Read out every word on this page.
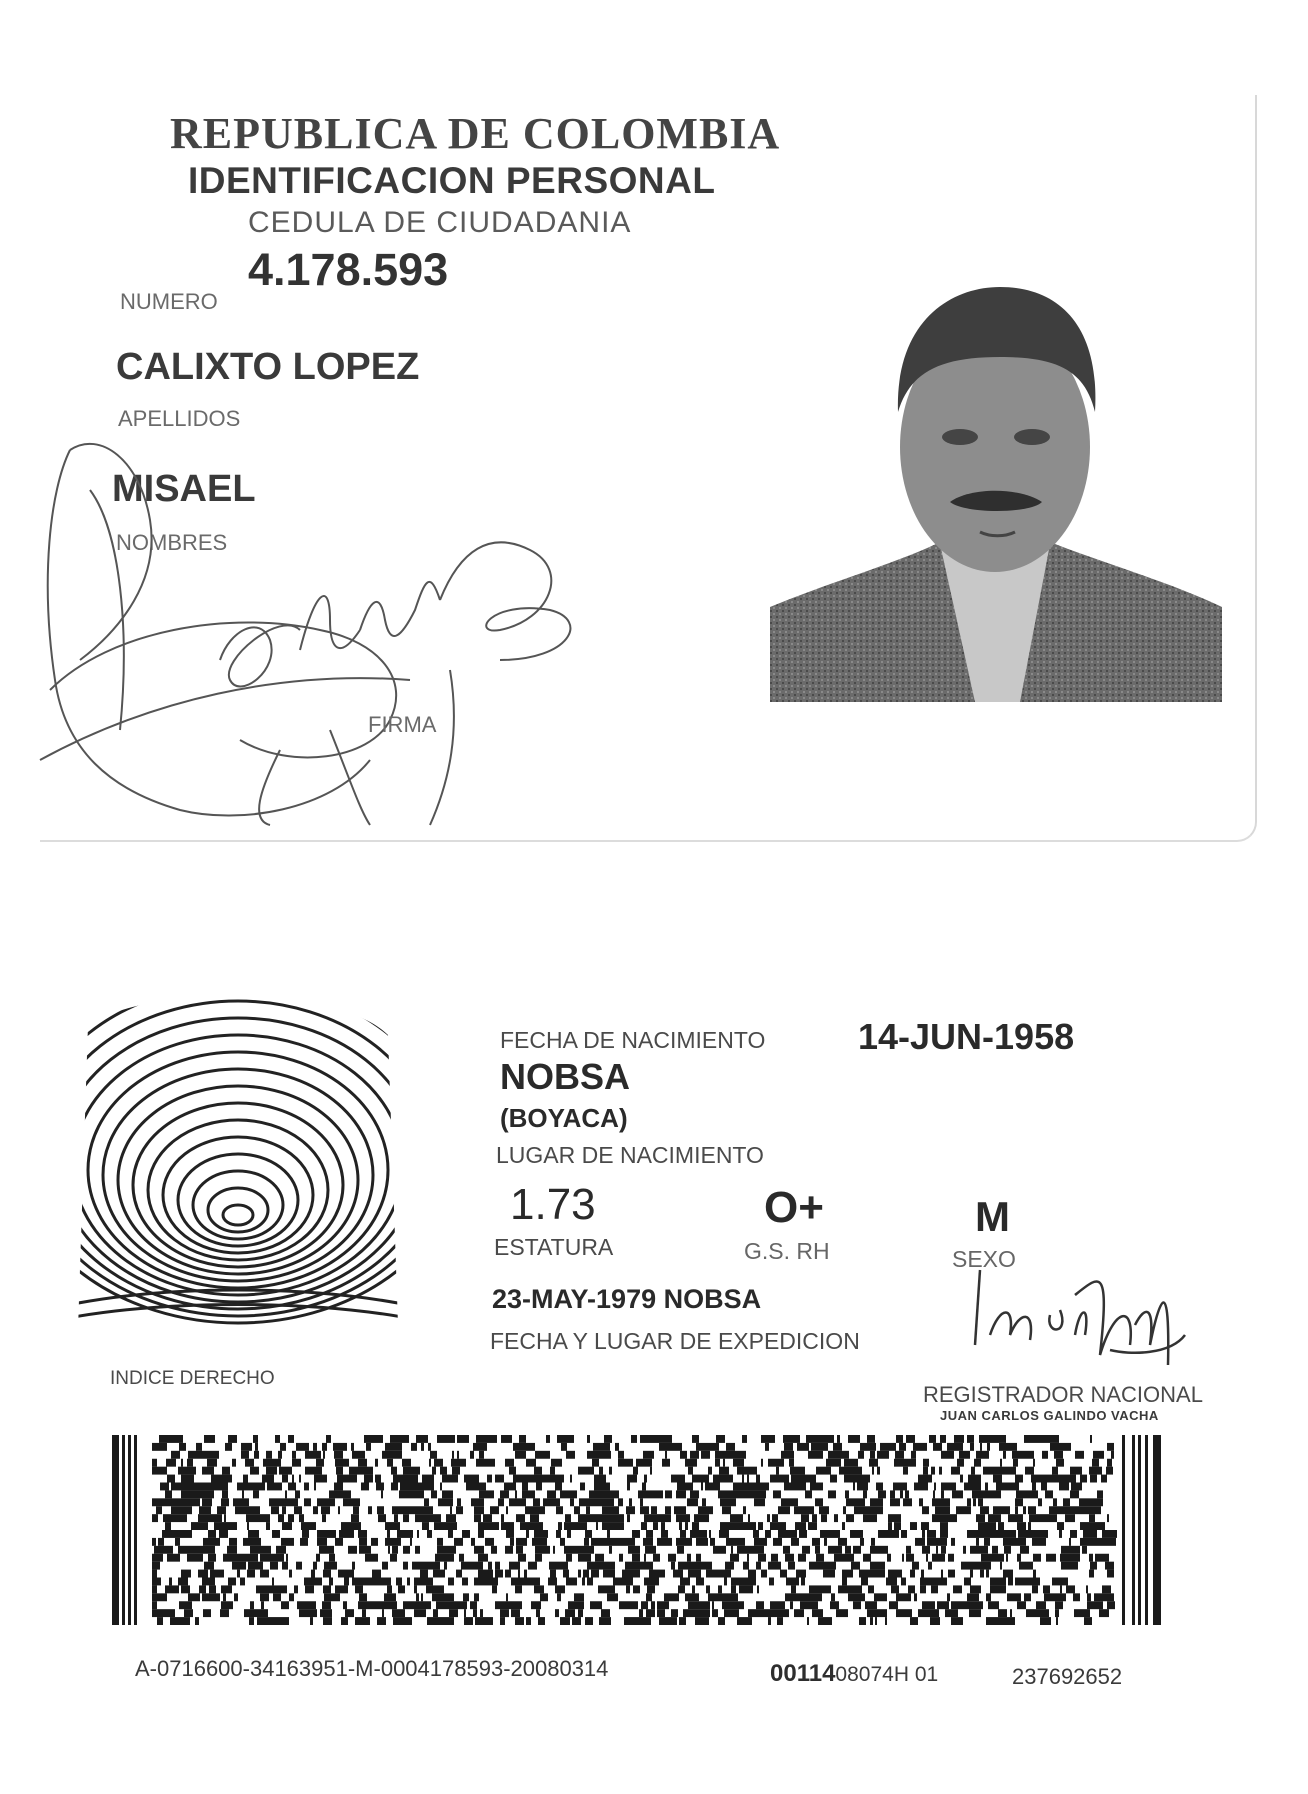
REPUBLICA DE COLOMBIA
IDENTIFICACION PERSONAL
CEDULA DE CIUDADANIA
4.178.593
NUMERO
CALIXTO LOPEZ
APELLIDOS
MISAEL
NOMBRES
FIRMA
INDICE DERECHO
FECHA DE NACIMIENTO	14-JUN-1958
NOBSA
(BOYACA)
LUGAR DE NACIMIENTO
1.73
ESTATURA
O+
G.S. RH
M
SEXO
23-MAY-1979 NOBSA
FECHA Y LUGAR DE EXPEDICION
REGISTRADOR NACIONAL
JUAN CARLOS GALINDO VACHA
A-0716600-34163951-M-0004178593-20080314	0011408074H 01	237692652
